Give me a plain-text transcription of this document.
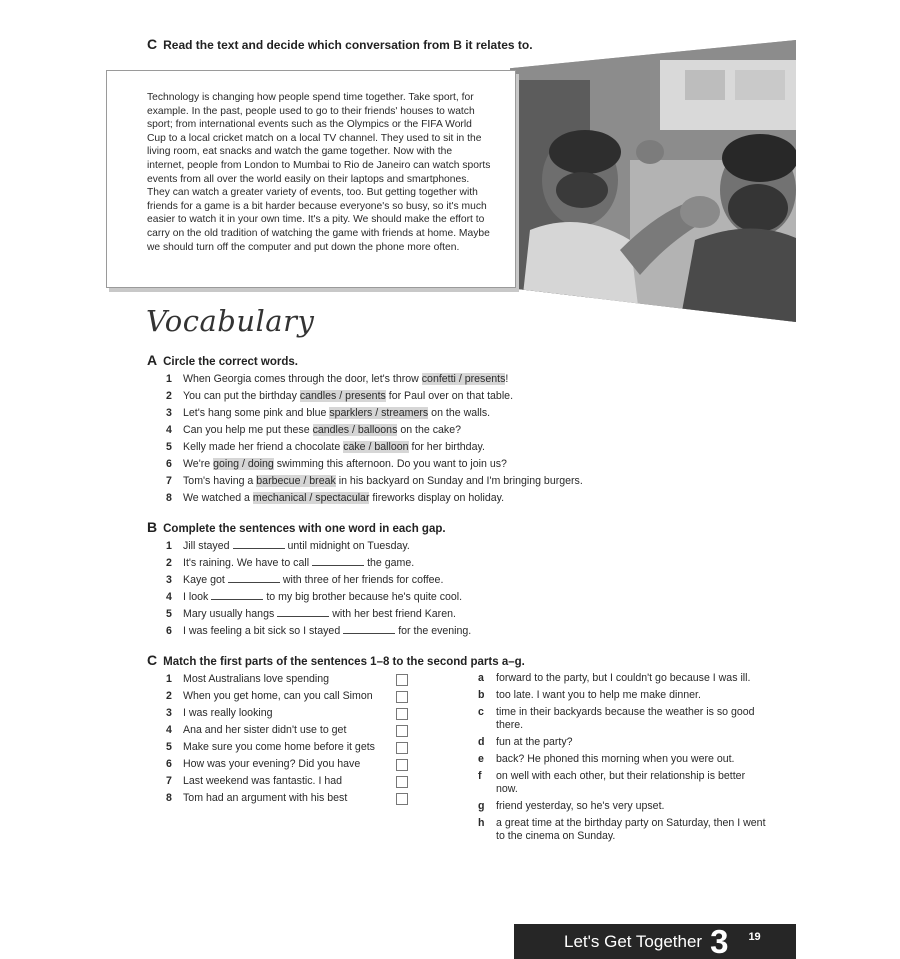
C Read the text and decide which conversation from B it relates to.

Technology is changing how people spend time together. Take sport, for example. In the past, people used to go to their friends' houses to watch sport; from international events such as the Olympics or the FIFA World Cup to a local cricket match on a local TV channel. They used to sit in the living room, eat snacks and watch the game together. Now with the internet, people from London to Mumbai to Rio de Janeiro can watch sports events from all over the world easily on their laptops and smartphones. They can watch a greater variety of events, too. But getting together with friends for a game is a bit harder because everyone's so busy, so it's much easier to watch it in your own time. It's a pity. We should make the effort to carry on the old tradition of watching the game with friends at home. Maybe we should turn off the computer and put down the phone more often.

Vocabulary
A Circle the correct words.
1 When Georgia comes through the door, let's throw confetti / presents!
2 You can put the birthday candles / presents for Paul over on that table.
3 Let's hang some pink and blue sparklers / streamers on the walls.
4 Can you help me put these candles / balloons on the cake?
5 Kelly made her friend a chocolate cake / balloon for her birthday.
6 We're going / doing swimming this afternoon. Do you want to join us?
7 Tom's having a barbecue / break in his backyard on Sunday and I'm bringing burgers.
8 We watched a mechanical / spectacular fireworks display on holiday.
B Complete the sentences with one word in each gap.
1 Jill stayed	until midnight on Tuesday.
2 It's raining. We have to call	the game.
3 Kaye got	with three of her friends for coffee.
4 I look	to my big brother because he's quite cool.
5 Mary usually hangs	with her best friend Karen.
6 I was feeling a bit sick so I stayed	for the evening.
C Match the first parts of the sentences 1–8 to the second parts a–g.
1 Most Australians love spending
2 When you get home, can you call Simon
3 I was really looking
4 Ana and her sister didn't use to get
5 Make sure you come home before it gets
6 How was your evening? Did you have
7 Last weekend was fantastic. I had
8 Tom had an argument with his best
a	forward to the party, but I couldn't go because I was ill.
b	too late. I want you to help me make dinner.
c	time in their backyards because the weather is so good there.
d	fun at the party?
e	back? He phoned this morning when you were out.
f	on well with each other, but their relationship is better now.
g	friend yesterday, so he's very upset.
h	a great time at the birthday party on Saturday, then I went to the cinema on Sunday.
Let's Get Together 3 19
